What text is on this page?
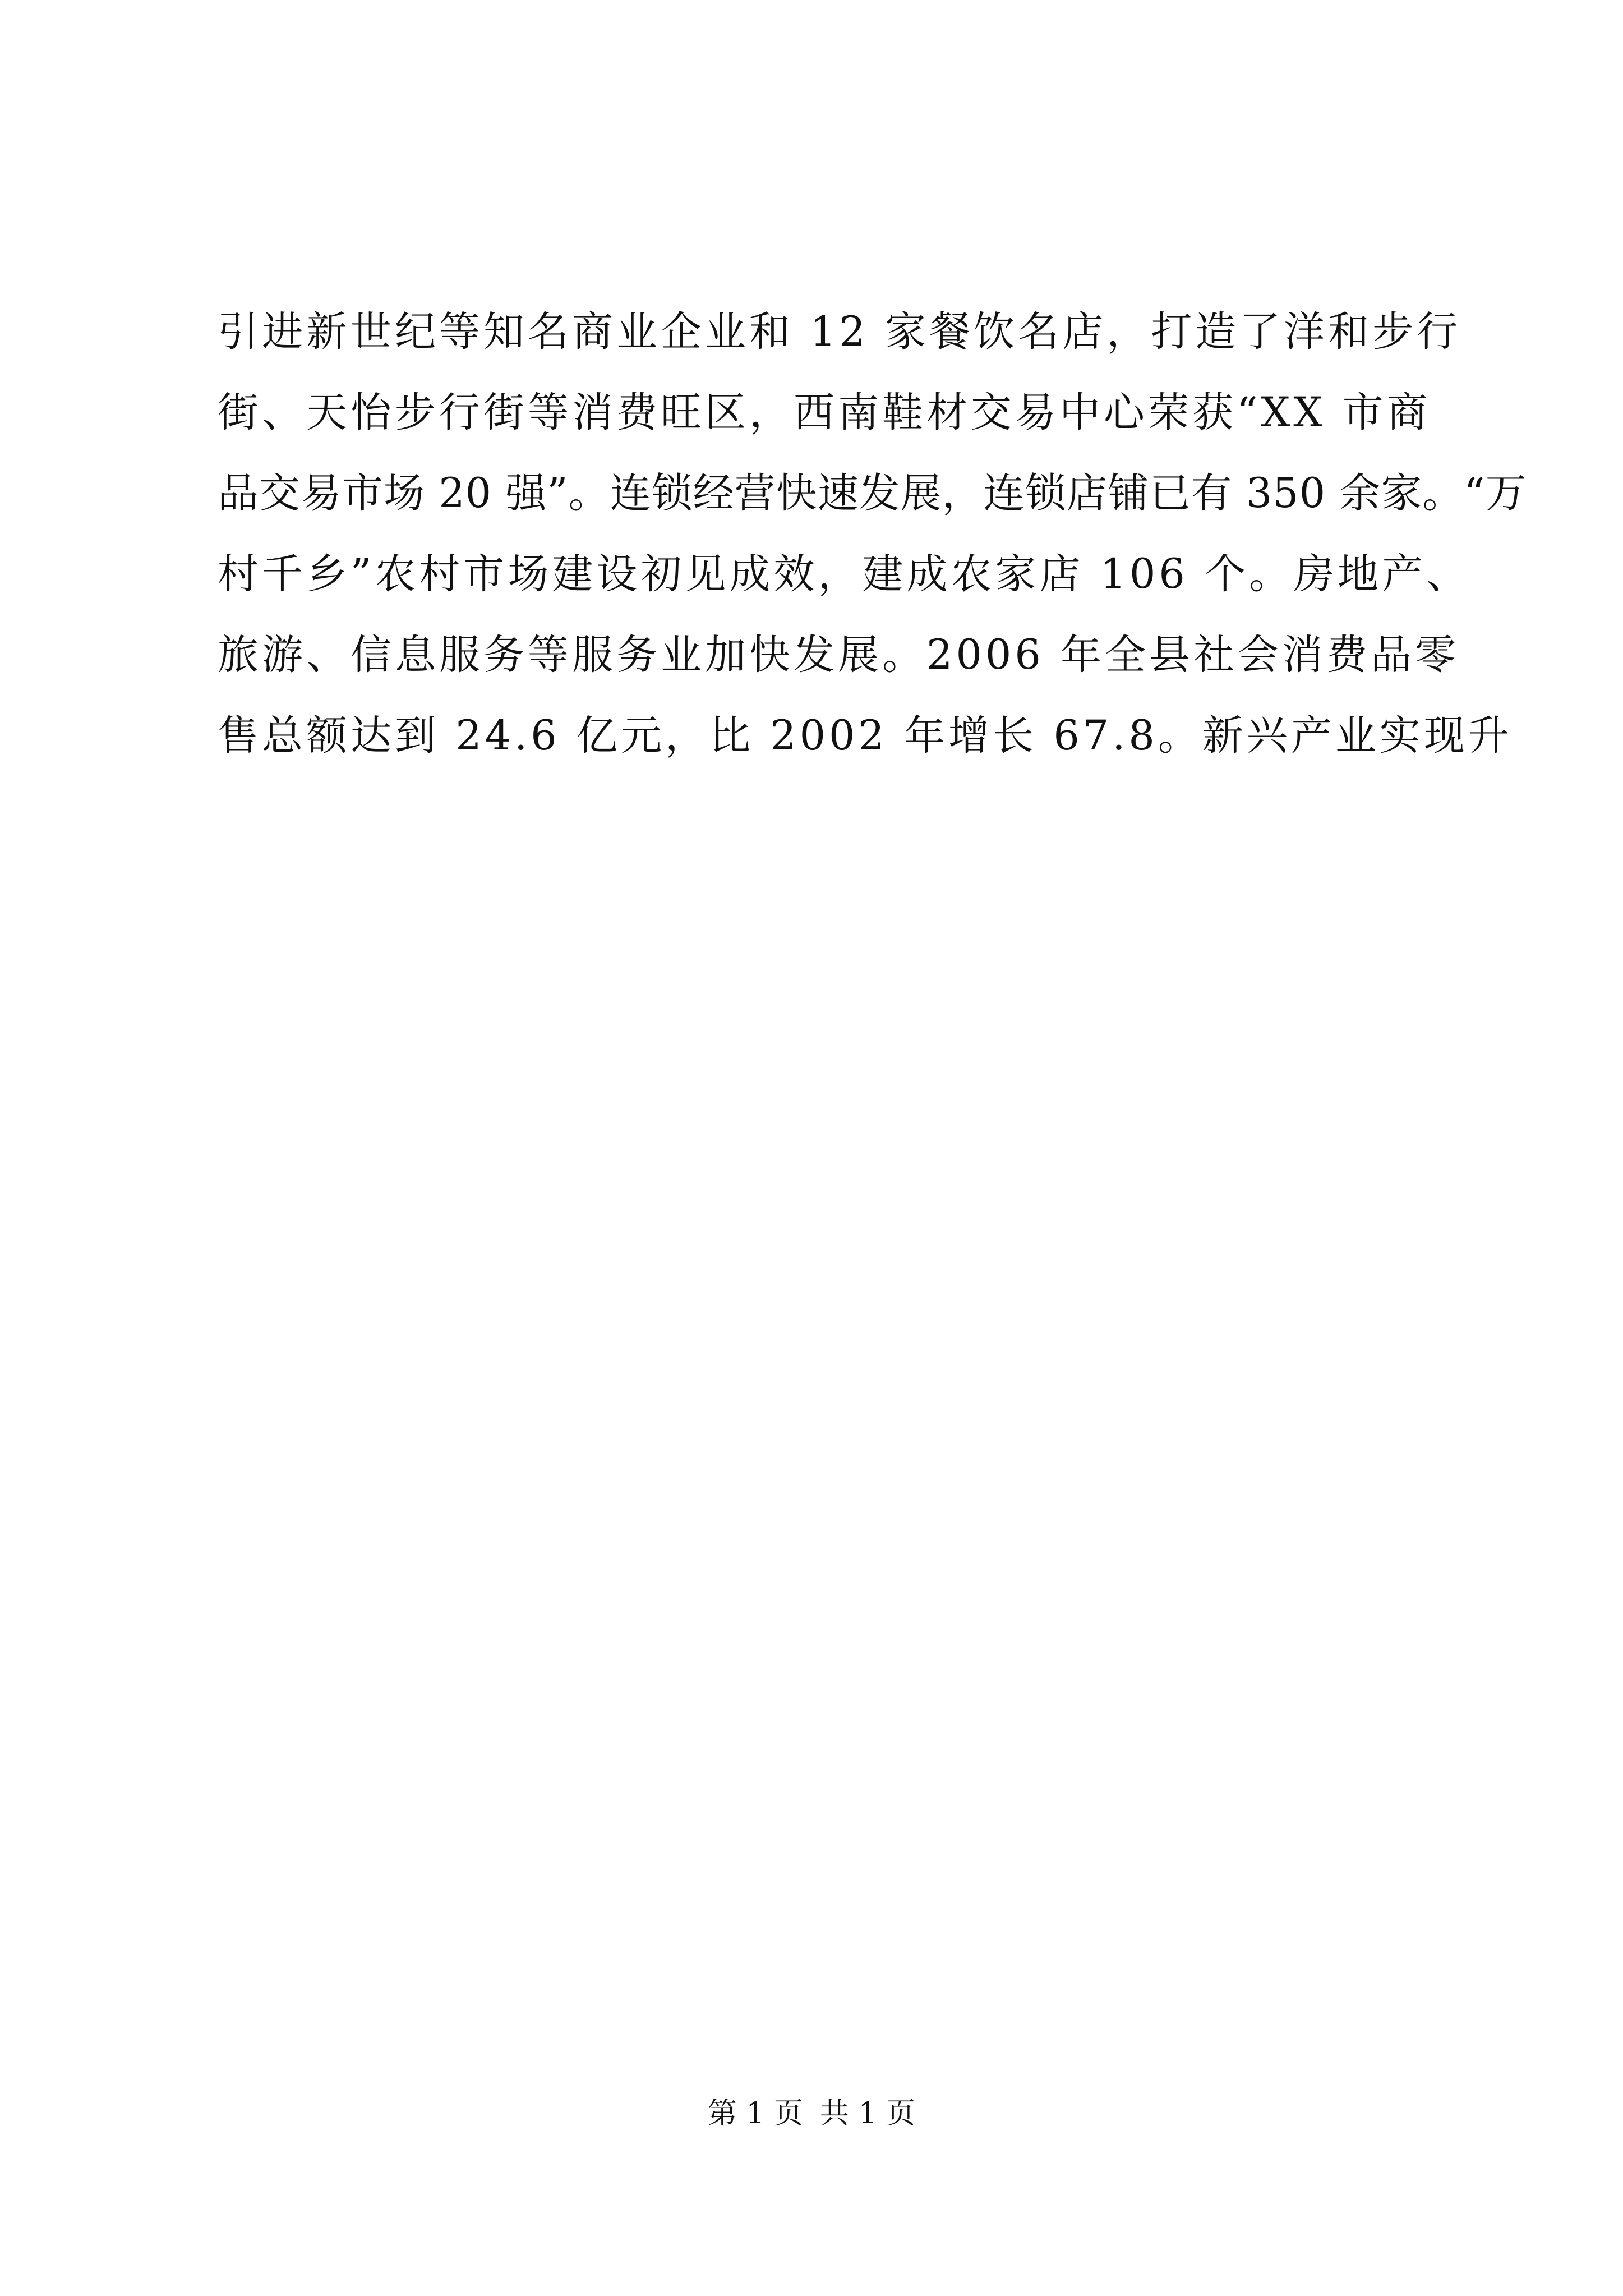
引进新世纪等知名商业企业和 12 家餐饮名店，打造了洋和步行
街、天怡步行街等消费旺区，西南鞋材交易中心荣获“XX 市商
品交易市场 20 强”。连锁经营快速发展，连锁店铺已有 350 余家。“万
村千乡”农村市场建设初见成效，建成农家店 106 个。房地产、
旅游、信息服务等服务业加快发展。2006 年全县社会消费品零
售总额达到 24.6 亿元，比 2002 年增长 67.8。新兴产业实现升
第 1 页 共 1 页
